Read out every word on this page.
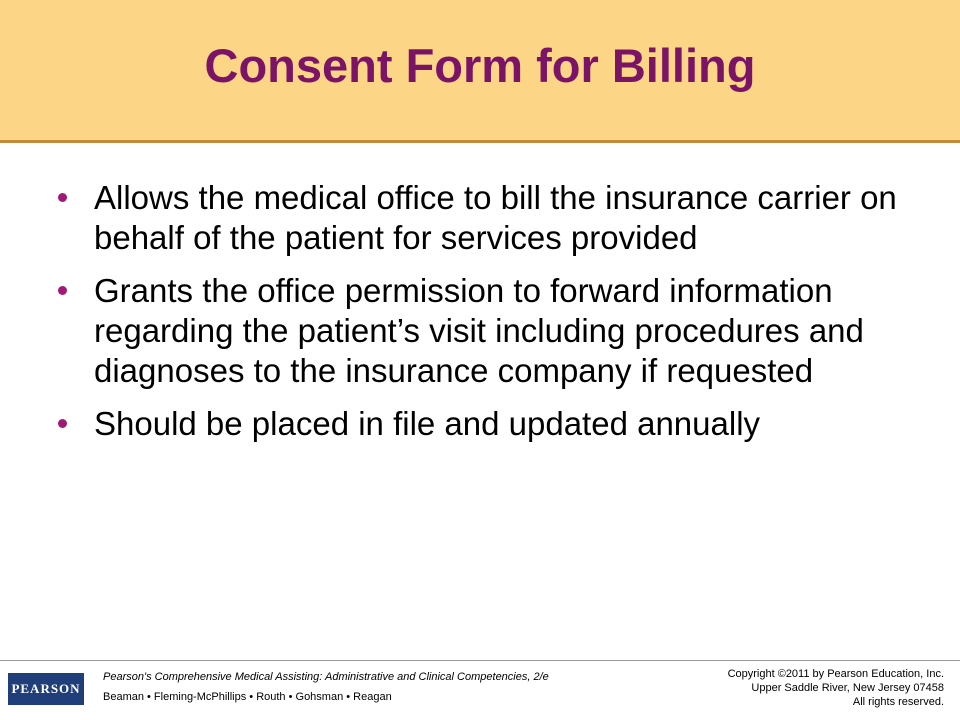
Consent Form for Billing
Allows the medical office to bill the insurance carrier on behalf of the patient for services provided
Grants the office permission to forward information regarding the patient’s visit including procedures and diagnoses to the insurance company if requested
Should be placed in file and updated annually
PEARSON
Pearson's Comprehensive Medical Assisting: Administrative and Clinical Competencies, 2/e
Beaman • Fleming-McPhillips • Routh • Gohsman • Reagan
Copyright ©2011 by Pearson Education, Inc.
Upper Saddle River, New Jersey 07458
All rights reserved.
